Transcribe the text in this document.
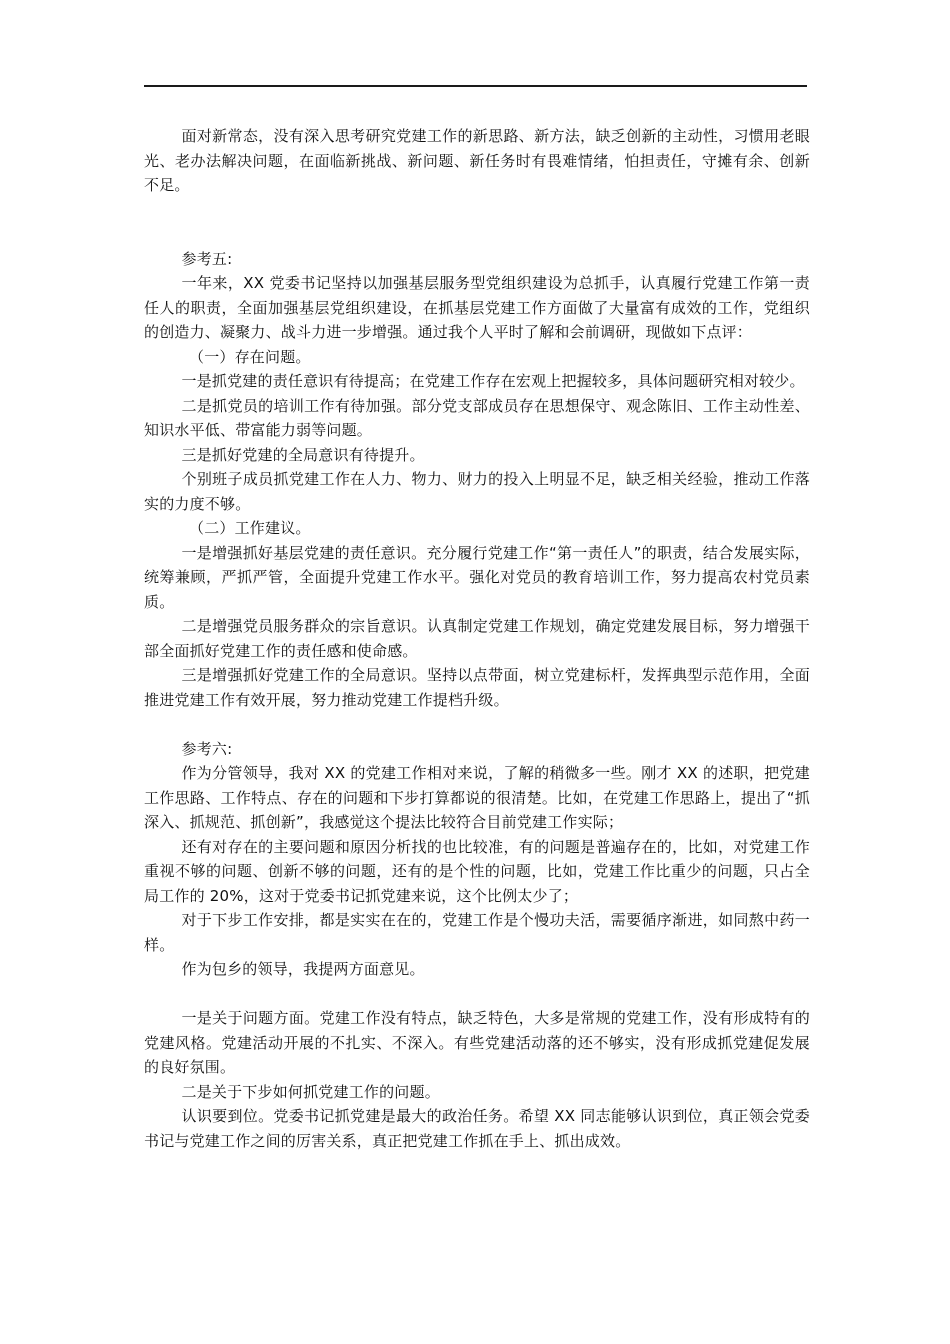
面对新常态，没有深入思考研究党建工作的新思路、新方法，缺乏创新的主动性，习惯用老眼光、老办法解决问题，在面临新挑战、新问题、新任务时有畏难情绪，怕担责任，守摊有余、创新不足。

参考五:

一年来，XX 党委书记坚持以加强基层服务型党组织建设为总抓手，认真履行党建工作第一责任人的职责，全面加强基层党组织建设，在抓基层党建工作方面做了大量富有成效的工作，党组织的创造力、凝聚力、战斗力进一步增强。通过我个人平时了解和会前调研，现做如下点评：

（一）存在问题。

一是抓党建的责任意识有待提高；在党建工作存在宏观上把握较多，具体问题研究相对较少。

二是抓党员的培训工作有待加强。部分党支部成员存在思想保守、观念陈旧、工作主动性差、知识水平低、带富能力弱等问题。

三是抓好党建的全局意识有待提升。

个别班子成员抓党建工作在人力、物力、财力的投入上明显不足，缺乏相关经验，推动工作落实的力度不够。

（二）工作建议。

一是增强抓好基层党建的责任意识。充分履行党建工作“第一责任人”的职责，结合发展实际，统筹兼顾，严抓严管，全面提升党建工作水平。强化对党员的教育培训工作，努力提高农村党员素质。

二是增强党员服务群众的宗旨意识。认真制定党建工作规划，确定党建发展目标，努力增强干部全面抓好党建工作的责任感和使命感。

三是增强抓好党建工作的全局意识。坚持以点带面，树立党建标杆，发挥典型示范作用，全面推进党建工作有效开展，努力推动党建工作提档升级。

参考六:

作为分管领导，我对 XX 的党建工作相对来说，了解的稍微多一些。刚才 XX 的述职，把党建工作思路、工作特点、存在的问题和下步打算都说的很清楚。比如，在党建工作思路上，提出了“抓深入、抓规范、抓创新”，我感觉这个提法比较符合目前党建工作实际；

还有对存在的主要问题和原因分析找的也比较准，有的问题是普遍存在的，比如，对党建工作重视不够的问题、创新不够的问题，还有的是个性的问题，比如，党建工作比重少的问题，只占全局工作的 20%，这对于党委书记抓党建来说，这个比例太少了；

对于下步工作安排，都是实实在在的，党建工作是个慢功夫活，需要循序渐进，如同熬中药一样。

作为包乡的领导，我提两方面意见。

一是关于问题方面。党建工作没有特点，缺乏特色，大多是常规的党建工作，没有形成特有的党建风格。党建活动开展的不扎实、不深入。有些党建活动落的还不够实，没有形成抓党建促发展的良好氛围。

二是关于下步如何抓党建工作的问题。

认识要到位。党委书记抓党建是最大的政治任务。希望 XX 同志能够认识到位，真正领会党委书记与党建工作之间的厉害关系，真正把党建工作抓在手上、抓出成效。
